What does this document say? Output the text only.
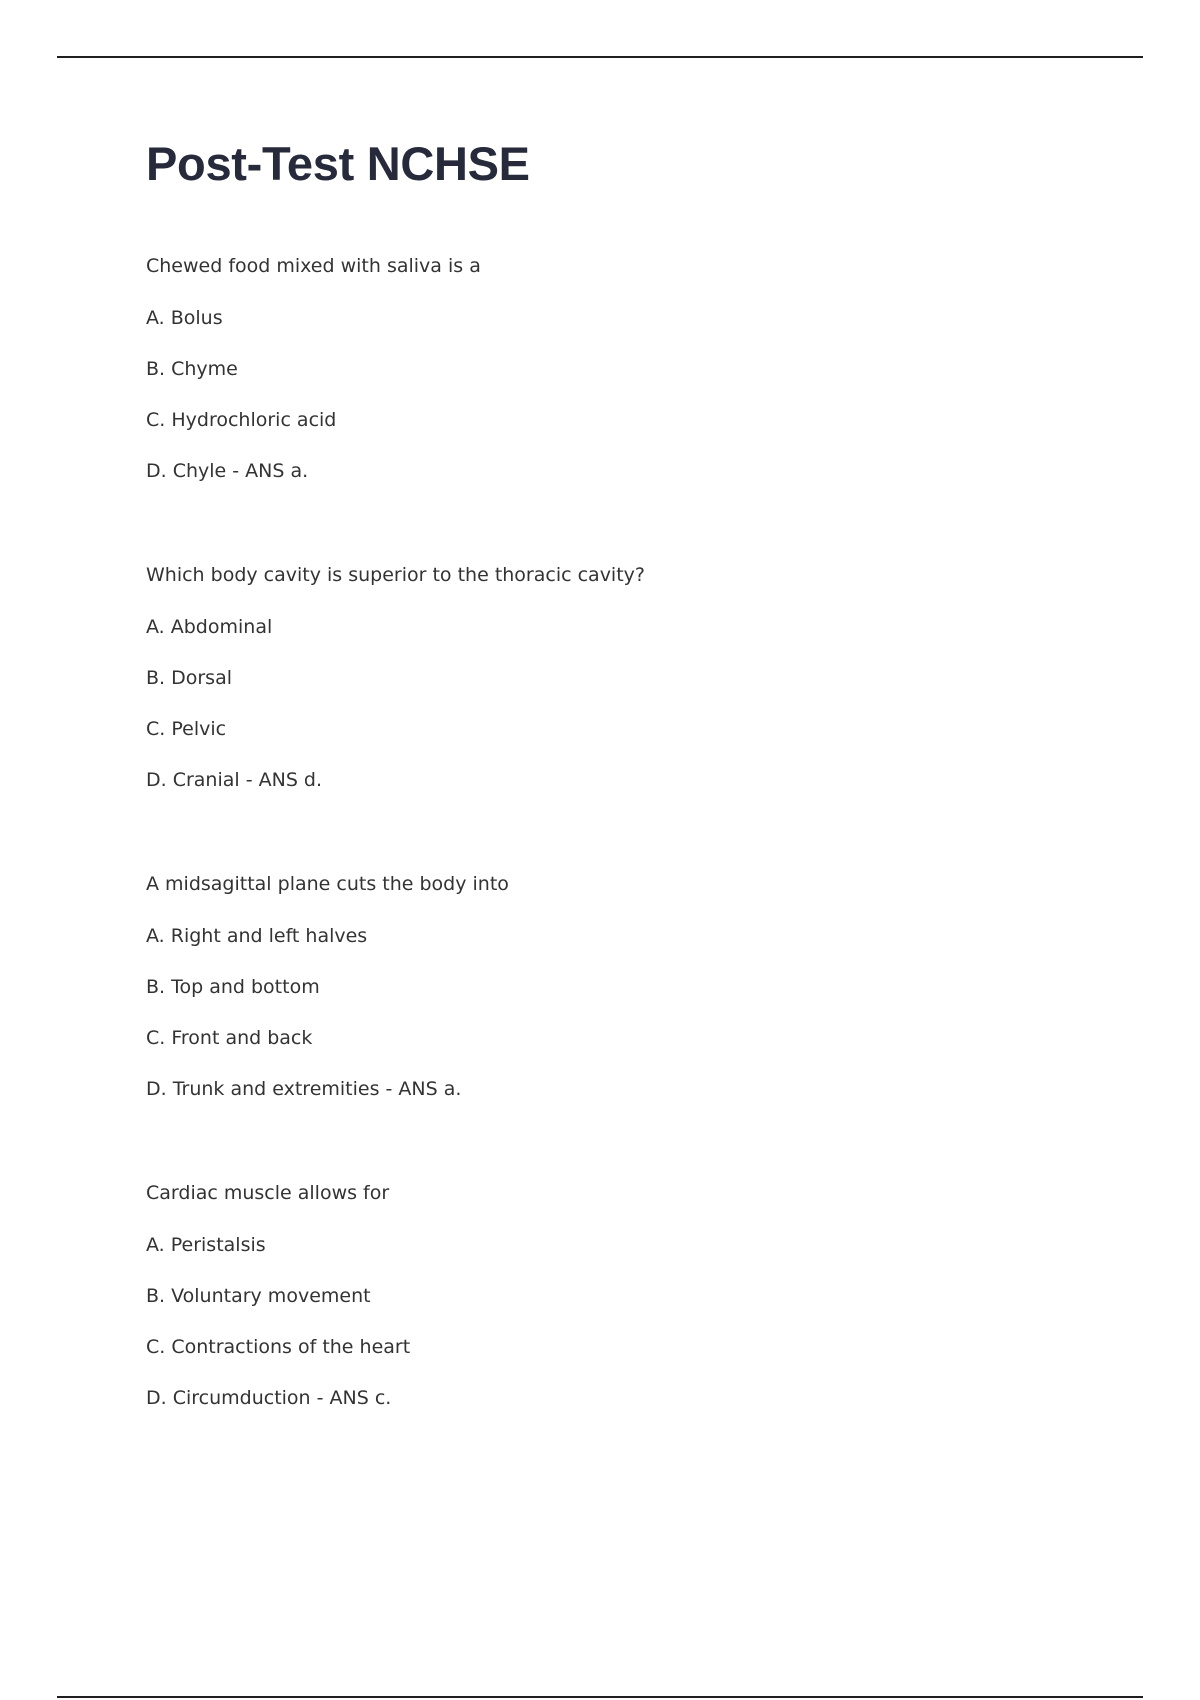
Post-Test NCHSE

Chewed food mixed with saliva is a

A. Bolus

B. Chyme

C. Hydrochloric acid

D. Chyle - ANS a.

Which body cavity is superior to the thoracic cavity?

A. Abdominal

B. Dorsal

C. Pelvic

D. Cranial - ANS d.

A midsagittal plane cuts the body into

A. Right and left halves

B. Top and bottom

C. Front and back

D. Trunk and extremities - ANS a.

Cardiac muscle allows for

A. Peristalsis

B. Voluntary movement

C. Contractions of the heart

D. Circumduction - ANS c.
